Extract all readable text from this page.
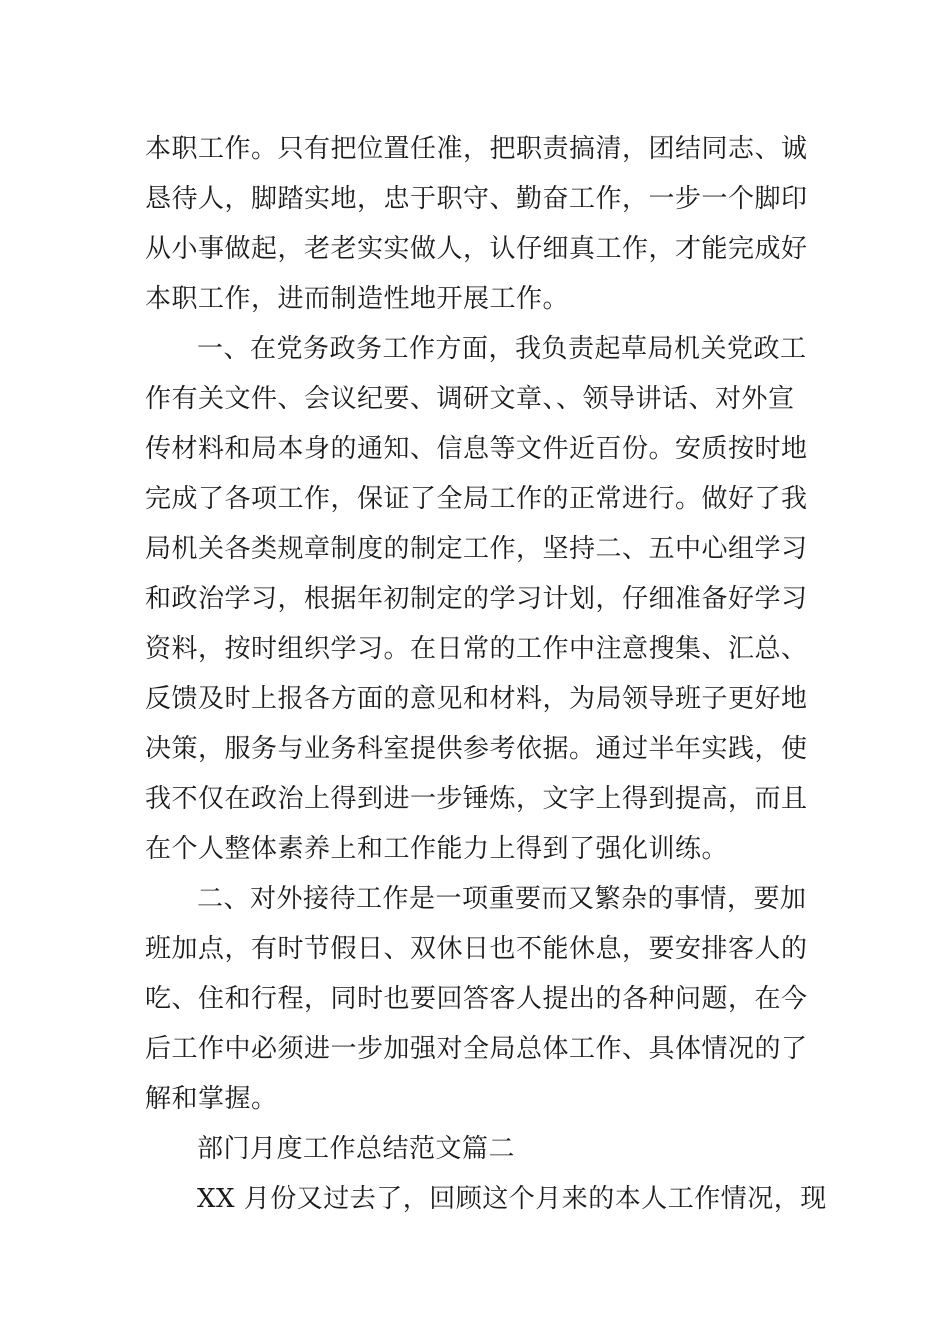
本职工作。只有把位置任准，把职责搞清，团结同志、诚

恳待人，脚踏实地，忠于职守、勤奋工作，一步一个脚印

从小事做起，老老实实做人，认仔细真工作，才能完成好

本职工作，进而制造性地开展工作。

一、在党务政务工作方面，我负责起草局机关党政工

作有关文件、会议纪要、调研文章、、领导讲话、对外宣

传材料和局本身的通知、信息等文件近百份。安质按时地

完成了各项工作，保证了全局工作的正常进行。做好了我

局机关各类规章制度的制定工作，坚持二、五中心组学习

和政治学习，根据年初制定的学习计划，仔细准备好学习

资料，按时组织学习。在日常的工作中注意搜集、汇总、

反馈及时上报各方面的意见和材料，为局领导班子更好地

决策，服务与业务科室提供参考依据。通过半年实践，使

我不仅在政治上得到进一步锤炼，文字上得到提高，而且

在个人整体素养上和工作能力上得到了强化训练。

二、对外接待工作是一项重要而又繁杂的事情，要加

班加点，有时节假日、双休日也不能休息，要安排客人的

吃、住和行程，同时也要回答客人提出的各种问题，在今

后工作中必须进一步加强对全局总体工作、具体情况的了

解和掌握。

部门月度工作总结范文篇二

XX 月份又过去了，回顾这个月来的本人工作情况，现
